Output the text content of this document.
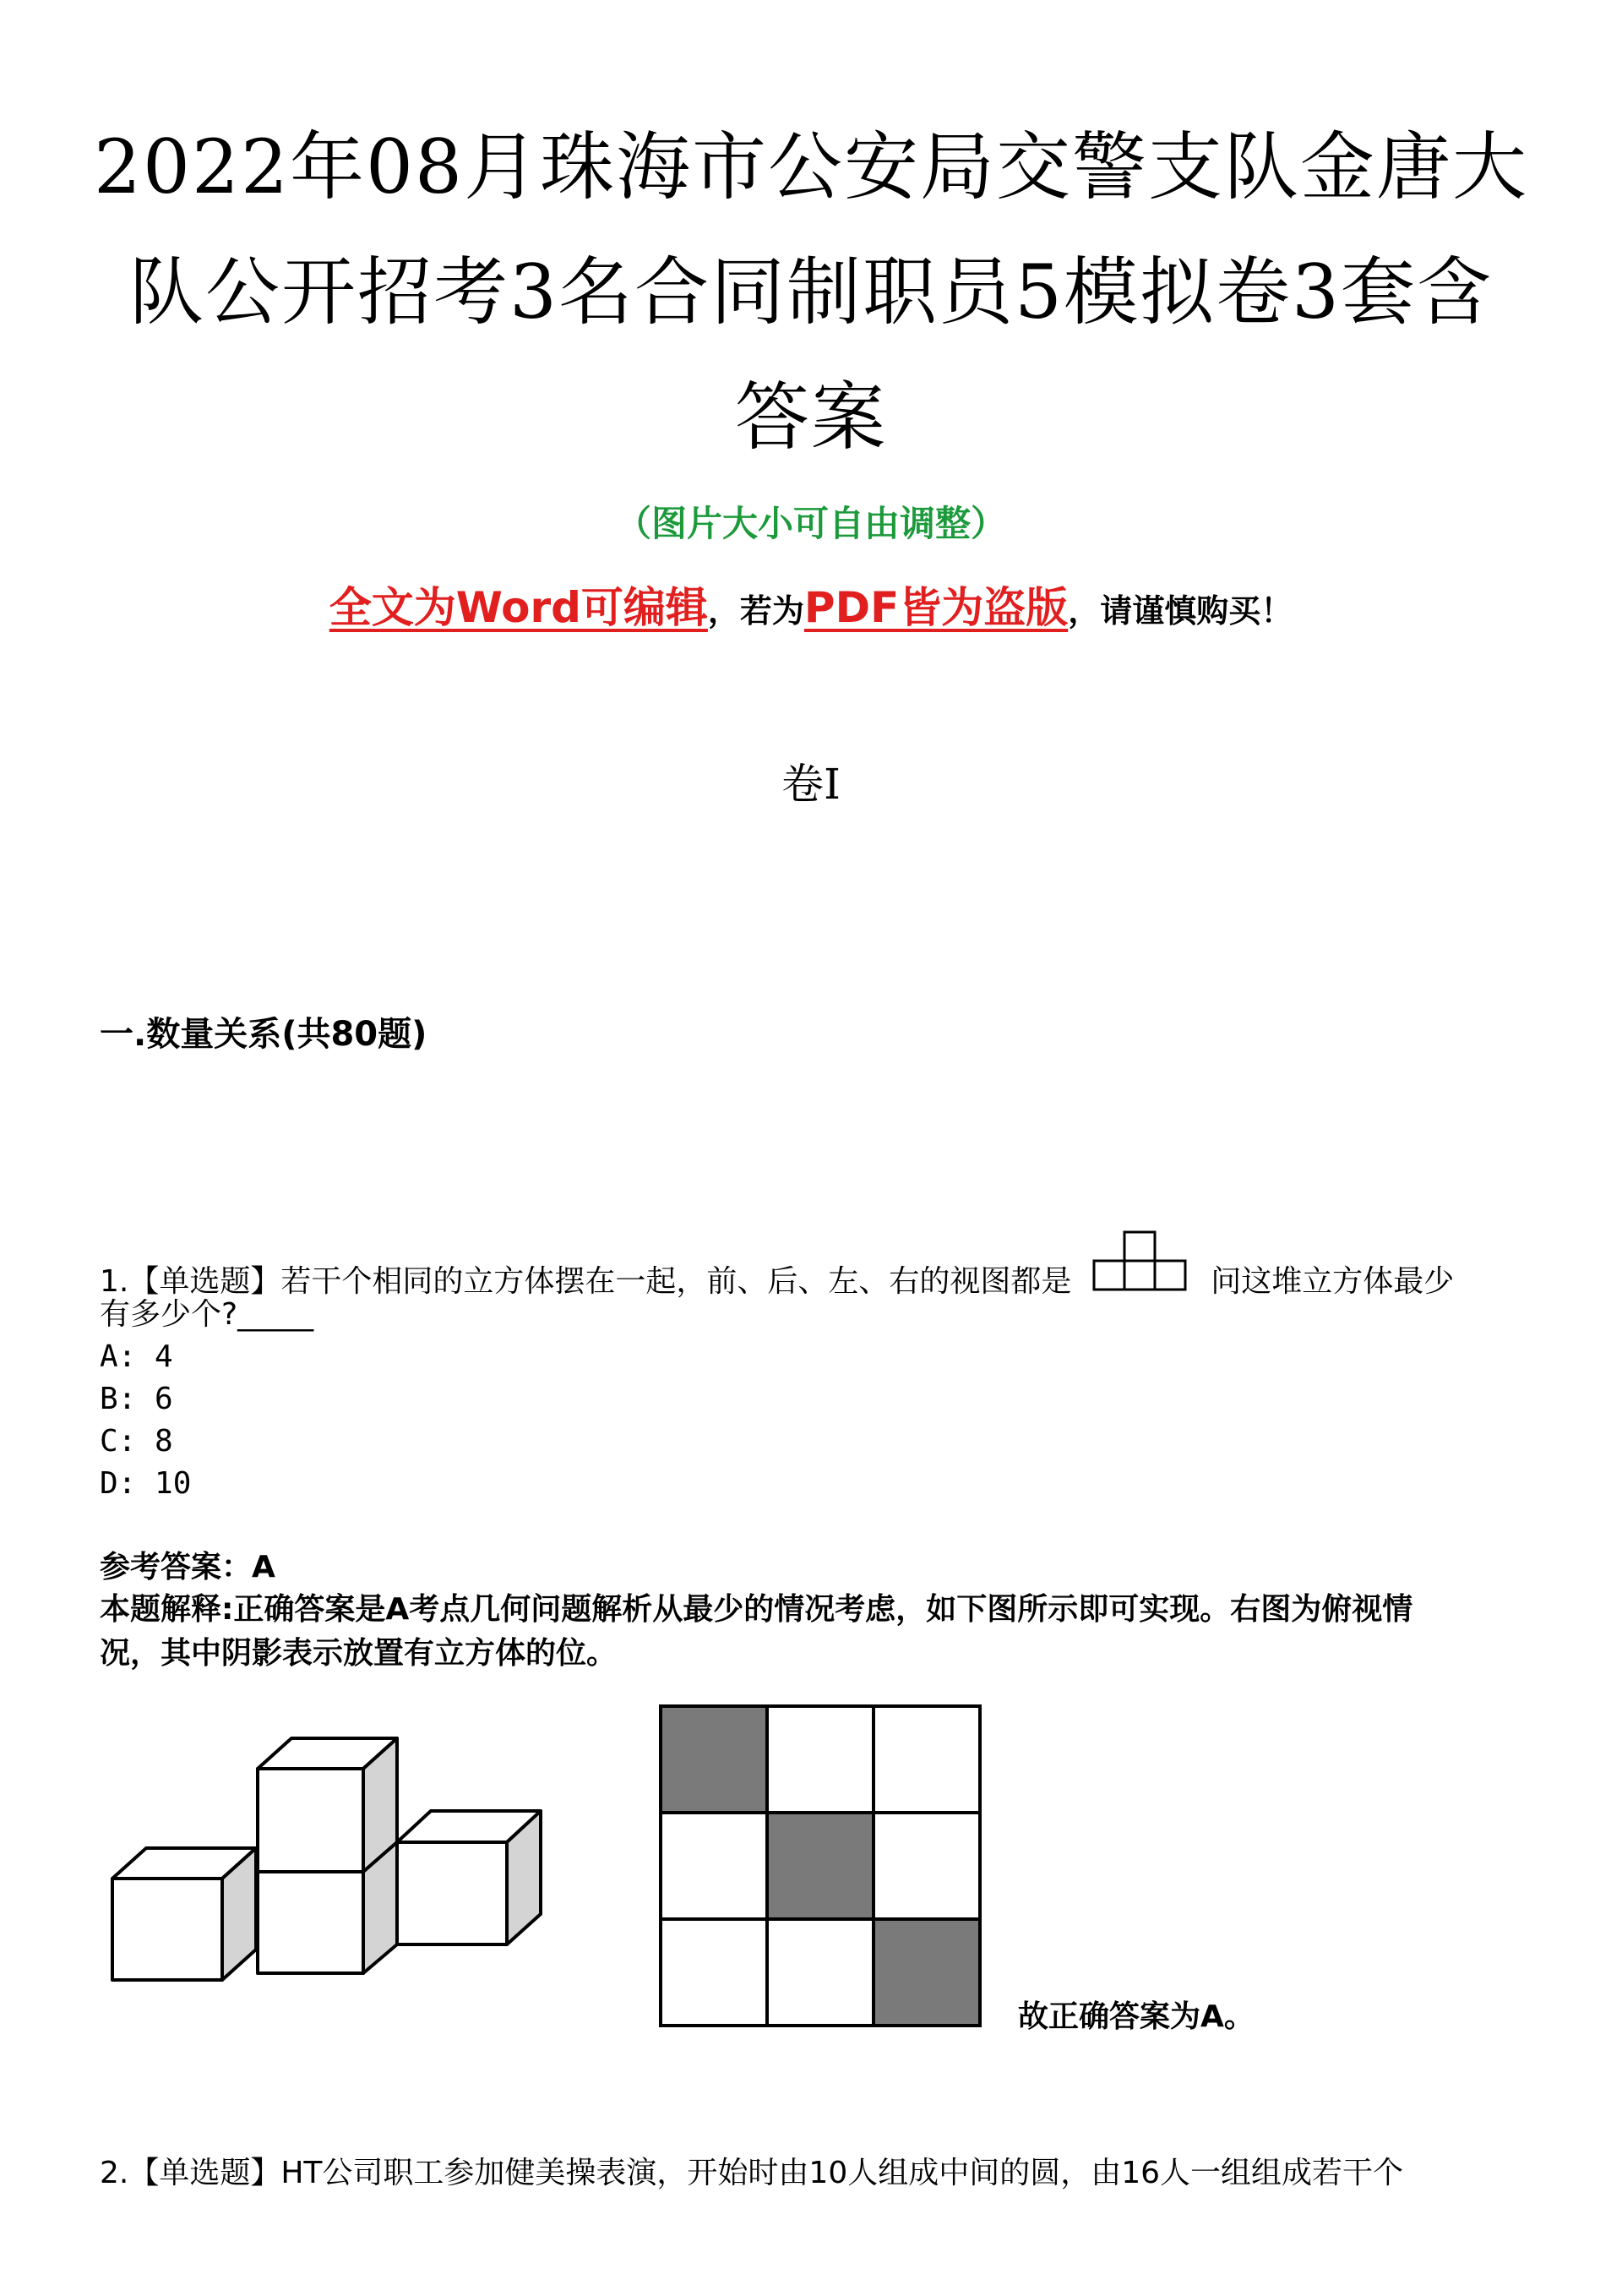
2022年08月珠海市公安局交警支队金唐大
队公开招考3名合同制职员5模拟卷3套含
答案
（图片大小可自由调整）
全文为Word可编辑，若为PDF皆为盗版，请谨慎购买！
卷I
一.数量关系(共80题)
1.【单选题】若干个相同的立方体摆在一起，前、后、左、右的视图都是	问这堆立方体最少
有多少个?_____
A: 4
B: 6
C: 8
D: 10
参考答案：A
本题解释:正确答案是A考点几何问题解析从最少的情况考虑，如下图所示即可实现。右图为俯视情
况，其中阴影表示放置有立方体的位。
故正确答案为A。
2.【单选题】HT公司职工参加健美操表演，开始时由10人组成中间的圆，由16人一组组成若干个
